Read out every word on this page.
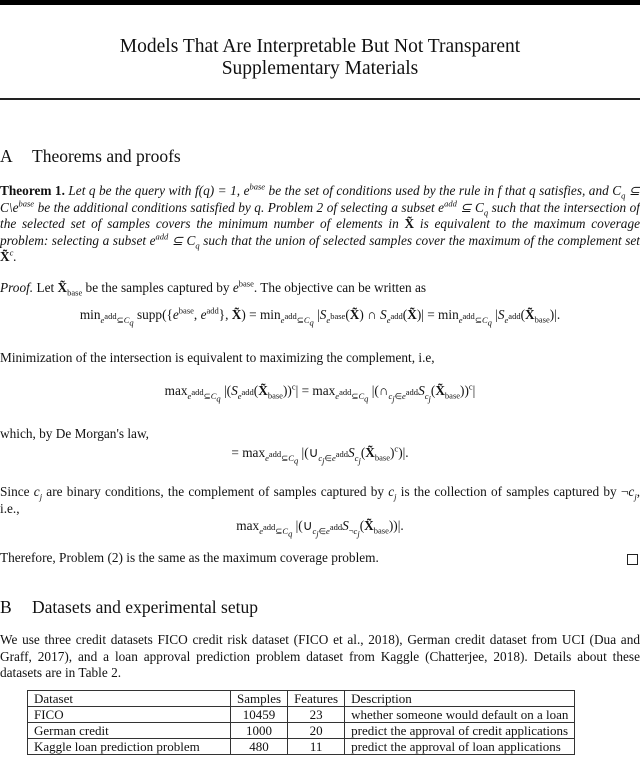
Models That Are Interpretable But Not Transparent
Supplementary Materials
A Theorems and proofs
Theorem 1. Let q be the query with f(q) = 1, $e^{base}$ be the set of conditions used by the rule in f that q satisfies, and $C_q$ ⊆ $C\backslash e^{base}$ be the additional conditions satisfied by q. Problem 2 of selecting a subset $e^{add}$ ⊆ $C_q$ such that the intersection of the selected set of samples covers the minimum number of elements in X̃ is equivalent to the maximum coverage problem: selecting a subset $e^{add}$ ⊆ $C_q$ such that the union of selected samples cover the maximum of the complement set X̃$^c$.
Proof. Let $X̃_{base}$ be the samples captured by $e^{base}$. The objective can be written as
$\min_{e^{add}⊆C_q}$ $supp(\{e^{base}$, $e^{add}$}, X̃) = $\min_{e^{add}⊆C_q}$ $|S_{e^{base}}(X̃)$ ∩ $S_{e^{add}}(X̃)| = \min_{e^{add}⊆C_q}$ $|S_{e^{add}}(X̃_{base})|$.
Minimization of the intersection is equivalent to maximizing the complement, i.e,
$\max_{e^{add}⊆C_q}$ $|(S_{e^{add}}(X̃_{base}))^c| = \max_{e^{add}⊆C_q}$ $|(\cap_{c_j\in e^{add}}S_{c_j}(X̃_{base}))^c|$
which, by De Morgan's law,
= $\max_{e^{add}⊆C_q}$ $|(\cup_{c_j\in e^{add}}S_{c_j}(X̃_{base})^c)|$.
Since $c_j$ are binary conditions, the complement of samples captured by $c_j$ is the collection of samples captured by $\neg c_j$, i.e.,
$\max_{e^{add}⊆C_q}$ $|(\cup_{c_j\in e^{add}}S_{\neg c_j}(X̃_{base}))|$.
Therefore, Problem (2) is the same as the maximum coverage problem.
B Datasets and experimental setup
We use three credit datasets FICO credit risk dataset (FICO et al., 2018), German credit dataset from UCI (Dua and Graff, 2017), and a loan approval prediction problem dataset from Kaggle (Chatterjee, 2018). Details about these datasets are in Table 2.
Dataset	Samples	Features	Description
FICO	10459	23	whether someone would default on a loan
German credit	1000	20	predict the approval of credit applications
Kaggle loan prediction problem	480	11	predict the approval of loan applications
